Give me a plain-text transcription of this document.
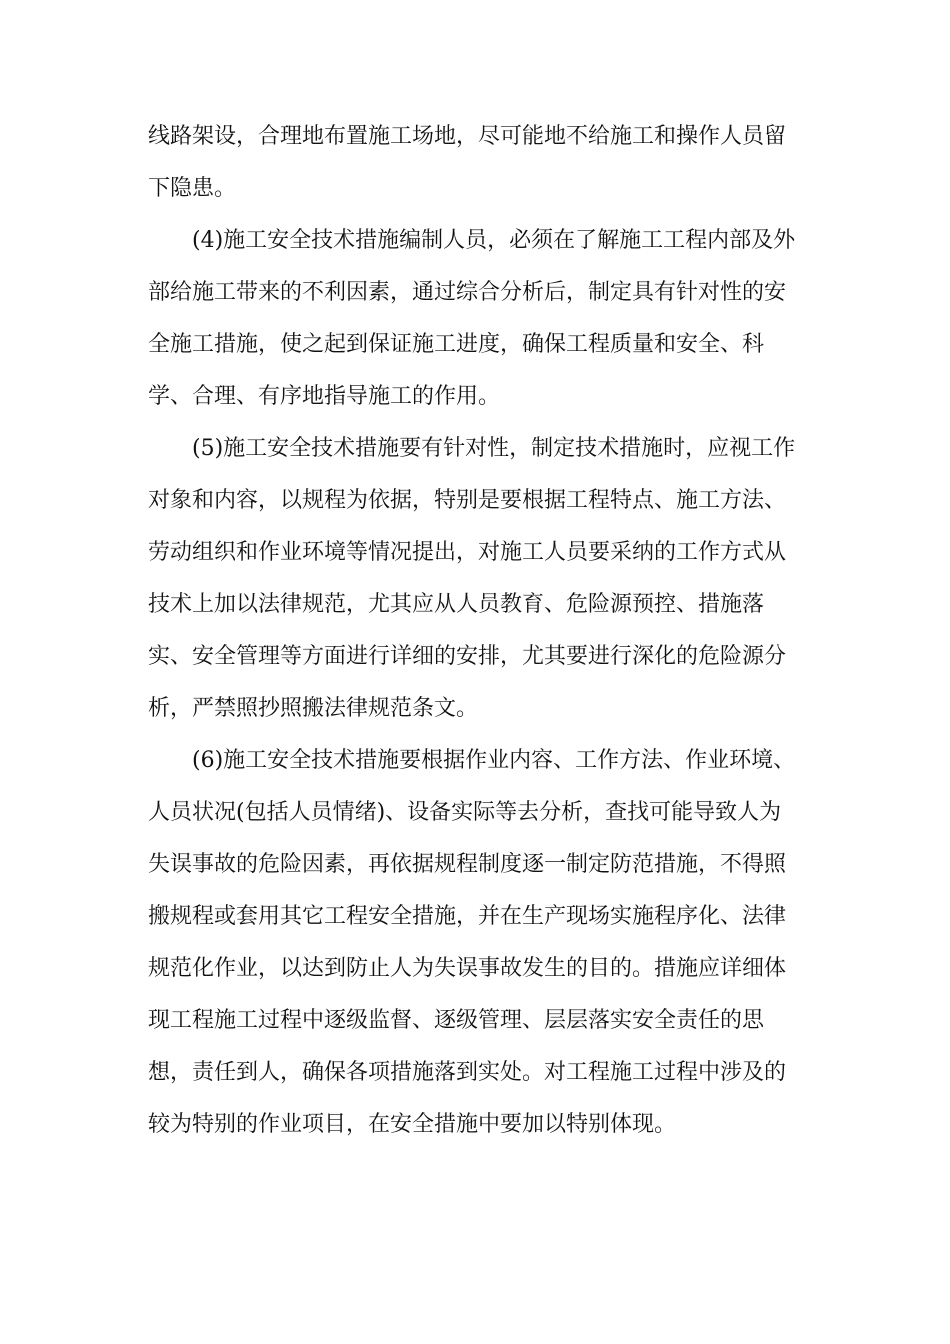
线路架设，合理地布置施工场地，尽可能地不给施工和操作人员留
下隐患。
(4)施工安全技术措施编制人员，必须在了解施工工程内部及外
部给施工带来的不利因素，通过综合分析后，制定具有针对性的安
全施工措施，使之起到保证施工进度，确保工程质量和安全、科
学、合理、有序地指导施工的作用。
(5)施工安全技术措施要有针对性，制定技术措施时，应视工作
对象和内容，以规程为依据，特别是要根据工程特点、施工方法、
劳动组织和作业环境等情况提出，对施工人员要采纳的工作方式从
技术上加以法律规范，尤其应从人员教育、危险源预控、措施落
实、安全管理等方面进行详细的安排，尤其要进行深化的危险源分
析，严禁照抄照搬法律规范条文。
(6)施工安全技术措施要根据作业内容、工作方法、作业环境、
人员状况(包括人员情绪)、设备实际等去分析，查找可能导致人为
失误事故的危险因素，再依据规程制度逐一制定防范措施，不得照
搬规程或套用其它工程安全措施，并在生产现场实施程序化、法律
规范化作业，以达到防止人为失误事故发生的目的。措施应详细体
现工程施工过程中逐级监督、逐级管理、层层落实安全责任的思
想，责任到人，确保各项措施落到实处。对工程施工过程中涉及的
较为特别的作业项目，在安全措施中要加以特别体现。
